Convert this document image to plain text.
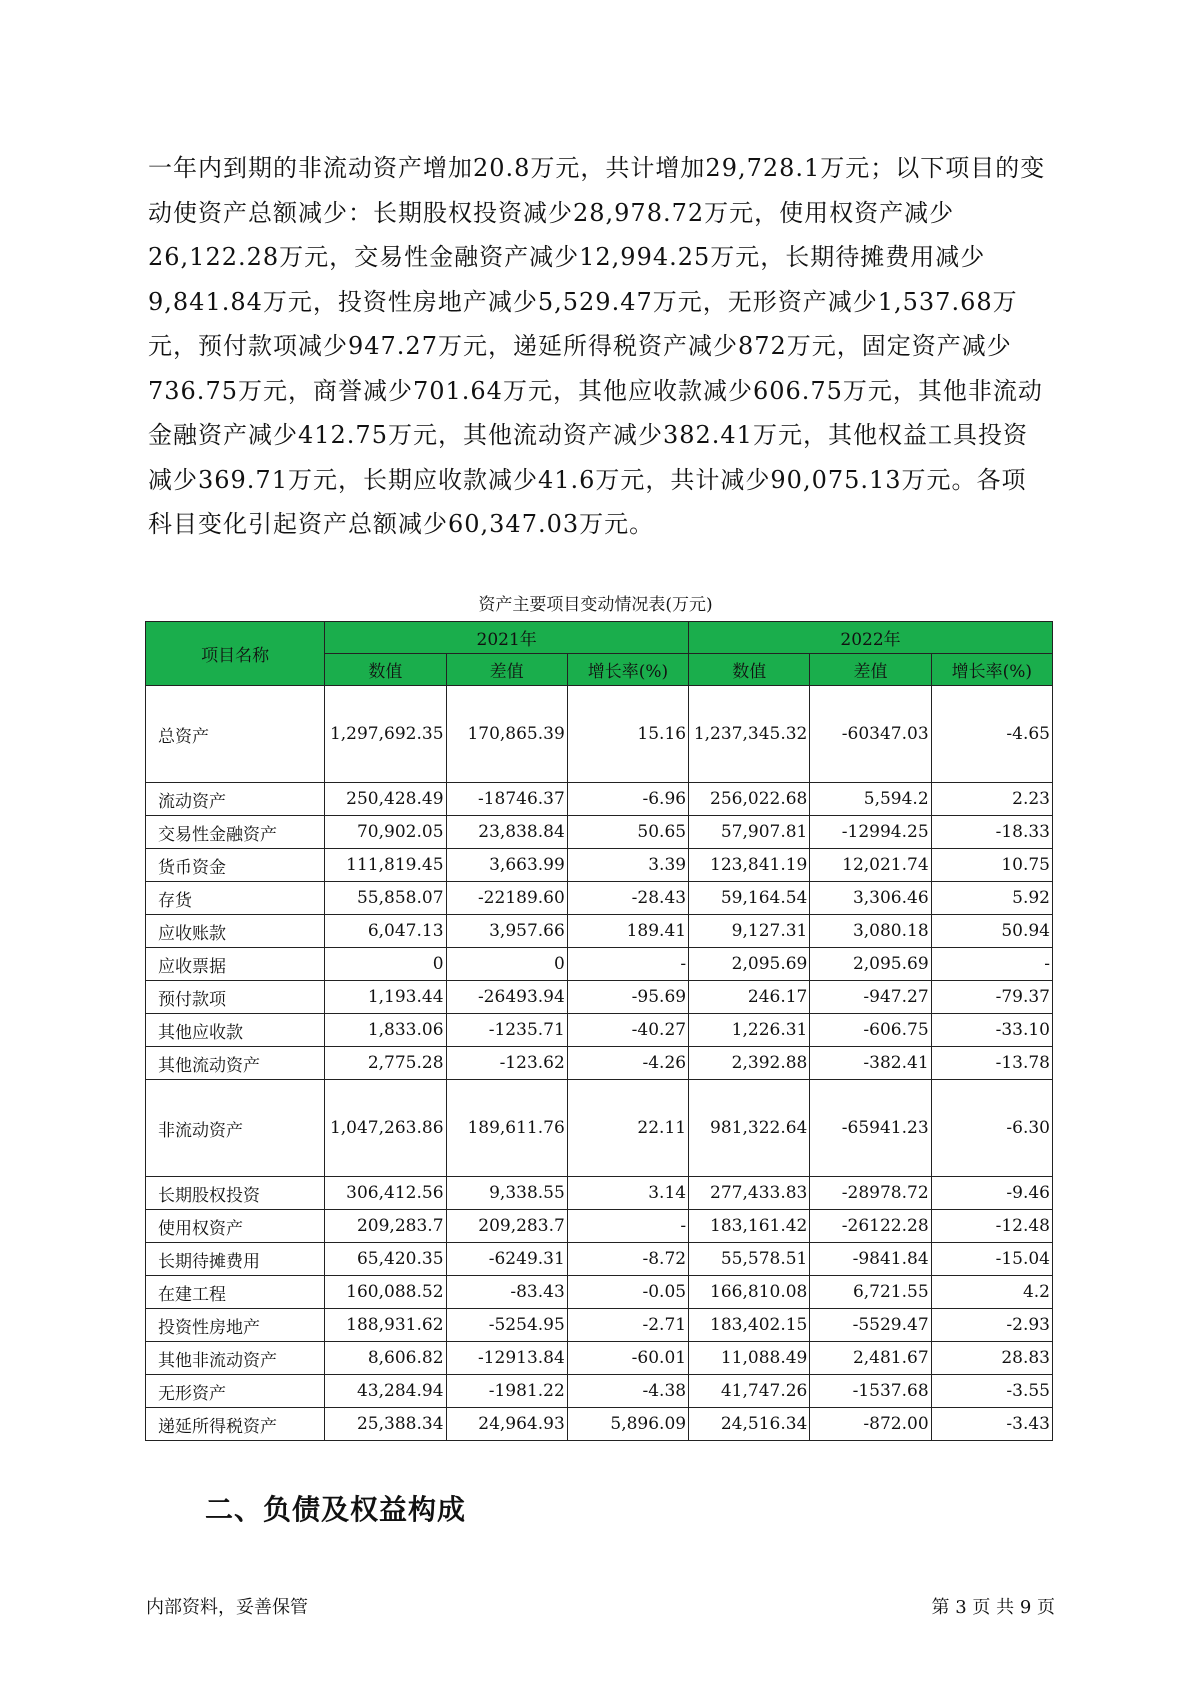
一年内到期的非流动资产增加20.8万元，共计增加29,728.1万元；以下项目的变动使资产总额减少：长期股权投资减少28,978.72万元，使用权资产减少26,122.28万元，交易性金融资产减少12,994.25万元，长期待摊费用减少9,841.84万元，投资性房地产减少5,529.47万元，无形资产减少1,537.68万元，预付款项减少947.27万元，递延所得税资产减少872万元，固定资产减少736.75万元，商誉减少701.64万元，其他应收款减少606.75万元，其他非流动金融资产减少412.75万元，其他流动资产减少382.41万元，其他权益工具投资减少369.71万元，长期应收款减少41.6万元，共计减少90,075.13万元。各项科目变化引起资产总额减少60,347.03万元。
资产主要项目变动情况表(万元)
项目名称	2021年			2022年		
	数值	差值	增长率(%)	数值	差值	增长率(%)
总资产	1,297,692.35	170,865.39	15.16	1,237,345.32	-60347.03	-4.65
流动资产	250,428.49	-18746.37	-6.96	256,022.68	5,594.2	2.23
交易性金融资产	70,902.05	23,838.84	50.65	57,907.81	-12994.25	-18.33
货币资金	111,819.45	3,663.99	3.39	123,841.19	12,021.74	10.75
存货	55,858.07	-22189.60	-28.43	59,164.54	3,306.46	5.92
应收账款	6,047.13	3,957.66	189.41	9,127.31	3,080.18	50.94
应收票据	0	0	-	2,095.69	2,095.69	-
预付款项	1,193.44	-26493.94	-95.69	246.17	-947.27	-79.37
其他应收款	1,833.06	-1235.71	-40.27	1,226.31	-606.75	-33.10
其他流动资产	2,775.28	-123.62	-4.26	2,392.88	-382.41	-13.78
非流动资产	1,047,263.86	189,611.76	22.11	981,322.64	-65941.23	-6.30
长期股权投资	306,412.56	9,338.55	3.14	277,433.83	-28978.72	-9.46
使用权资产	209,283.7	209,283.7	-	183,161.42	-26122.28	-12.48
长期待摊费用	65,420.35	-6249.31	-8.72	55,578.51	-9841.84	-15.04
在建工程	160,088.52	-83.43	-0.05	166,810.08	6,721.55	4.2
投资性房地产	188,931.62	-5254.95	-2.71	183,402.15	-5529.47	-2.93
其他非流动资产	8,606.82	-12913.84	-60.01	11,088.49	2,481.67	28.83
无形资产	43,284.94	-1981.22	-4.38	41,747.26	-1537.68	-3.55
递延所得税资产	25,388.34	24,964.93	5,896.09	24,516.34	-872.00	-3.43
二、负债及权益构成
内部资料，妥善保管	第 3 页 共 9 页
